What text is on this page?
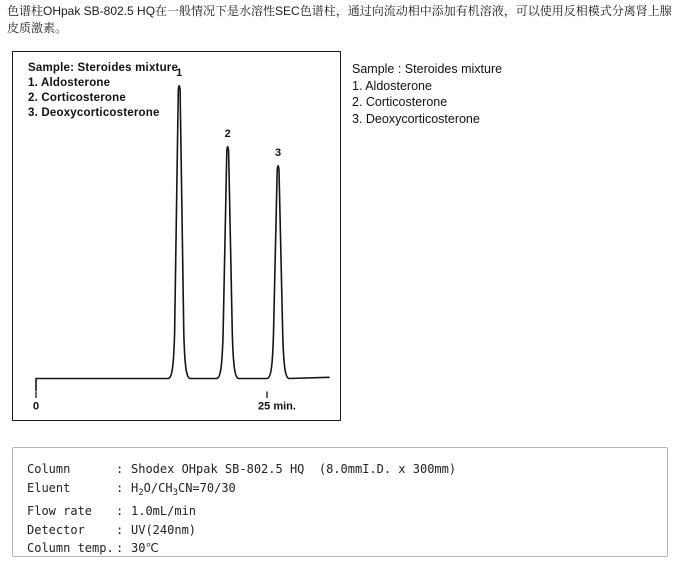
色谱柱OHpak SB-802.5 HQ在一般情况下是水溶性SEC色谱柱，通过向流动相中添加有机溶液，可以使用反相模式分离肾上腺皮质激素。
0	25 min.
1
2
3
Sample: Steroides mixture
1. Aldosterone
2. Corticosterone
3. Deoxycorticosterone
Sample : Steroides mixture
1. Aldosterone
2. Corticosterone
3. Deoxycorticosterone
Column	: Shodex OHpak SB-802.5 HQ  (8.0mmI.D. x 300mm)
Eluent	: $H_2O/CH_3CN=70/30$
Flow rate	: 1.0mL/min
Detector	: UV(240nm)
Column temp. : 30℃
